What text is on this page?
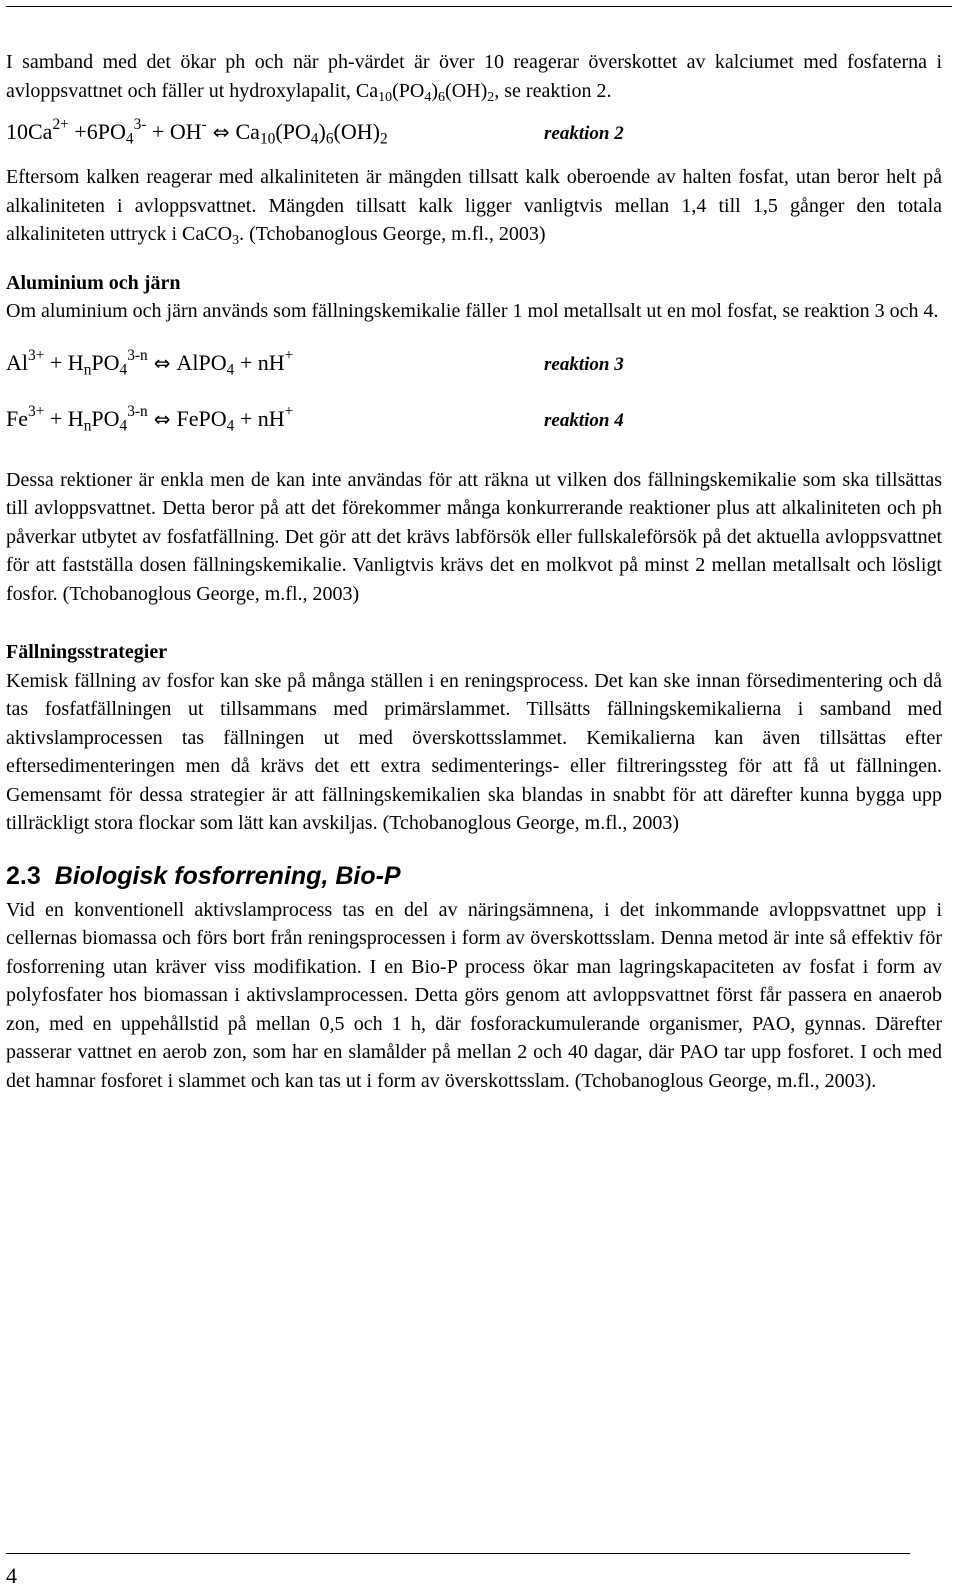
I samband med det ökar ph och när ph-värdet är över 10 reagerar överskottet av kalciumet med fosfaterna i avloppsvattnet och fäller ut hydroxylapalit, $Ca_{10}(PO_4)_6(OH)_2$, se reaktion 2.

$10Ca^{2+} +6PO_4^{3-} + OH^-$ ⇔ $Ca_{10}(PO_4)_6(OH)_2$	reaktion 2

Eftersom kalken reagerar med alkaliniteten är mängden tillsatt kalk oberoende av halten fosfat, utan beror helt på alkaliniteten i avloppsvattnet. Mängden tillsatt kalk ligger vanligtvis mellan 1,4 till 1,5 gånger den totala alkaliniteten uttryck i CaCO$_3$. (Tchobanoglous George, m.fl., 2003)

Aluminium och järn

Om aluminium och järn används som fällningskemikalie fäller 1 mol metallsalt ut en mol fosfat, se reaktion 3 och 4.

$Al^{3+} + H_nPO_4^{3-n}$ ⇔ AlPO$_4$ + nH+	reaktion 3
$Fe^{3+} + H_nPO_4^{3-n}$ ⇔ FePO$_4$ + nH+	reaktion 4

Dessa rektioner är enkla men de kan inte användas för att räkna ut vilken dos fällningskemikalie som ska tillsättas till avloppsvattnet. Detta beror på att det förekommer många konkurrerande reaktioner plus att alkaliniteten och ph påverkar utbytet av fosfatfällning. Det gör att det krävs labförsök eller fullskaleförsök på det aktuella avloppsvattnet för att fastställa dosen fällningskemikalie. Vanligtvis krävs det en molkvot på minst 2 mellan metallsalt och lösligt fosfor. (Tchobanoglous George, m.fl., 2003)

Fällningsstrategier

Kemisk fällning av fosfor kan ske på många ställen i en reningsprocess. Det kan ske innan försedimentering och då tas fosfatfällningen ut tillsammans med primärslammet. Tillsätts fällningskemikalierna i samband med aktivslamprocessen tas fällningen ut med överskottsslammet. Kemikalierna kan även tillsättas efter eftersedimenteringen men då krävs det ett extra sedimenterings- eller filtreringssteg för att få ut fällningen. Gemensamt för dessa strategier är att fällningskemikalien ska blandas in snabbt för att därefter kunna bygga upp tillräckligt stora flockar som lätt kan avskiljas. (Tchobanoglous George, m.fl., 2003)

2.3 Biologisk fosforrening, Bio-P

Vid en konventionell aktivslamprocess tas en del av näringsämnena, i det inkommande avloppsvattnet upp i cellernas biomassa och förs bort från reningsprocessen i form av överskottsslam. Denna metod är inte så effektiv för fosforrening utan kräver viss modifikation. I en Bio-P process ökar man lagringskapaciteten av fosfat i form av polyfosfater hos biomassan i aktivslamprocessen. Detta görs genom att avloppsvattnet först får passera en anaerob zon, med en uppehållstid på mellan 0,5 och 1 h, där fosforackumulerande organismer, PAO, gynnas. Därefter passerar vattnet en aerob zon, som har en slamålder på mellan 2 och 40 dagar, där PAO tar upp fosforet. I och med det hamnar fosforet i slammet och kan tas ut i form av överskottsslam. (Tchobanoglous George, m.fl., 2003).

4
